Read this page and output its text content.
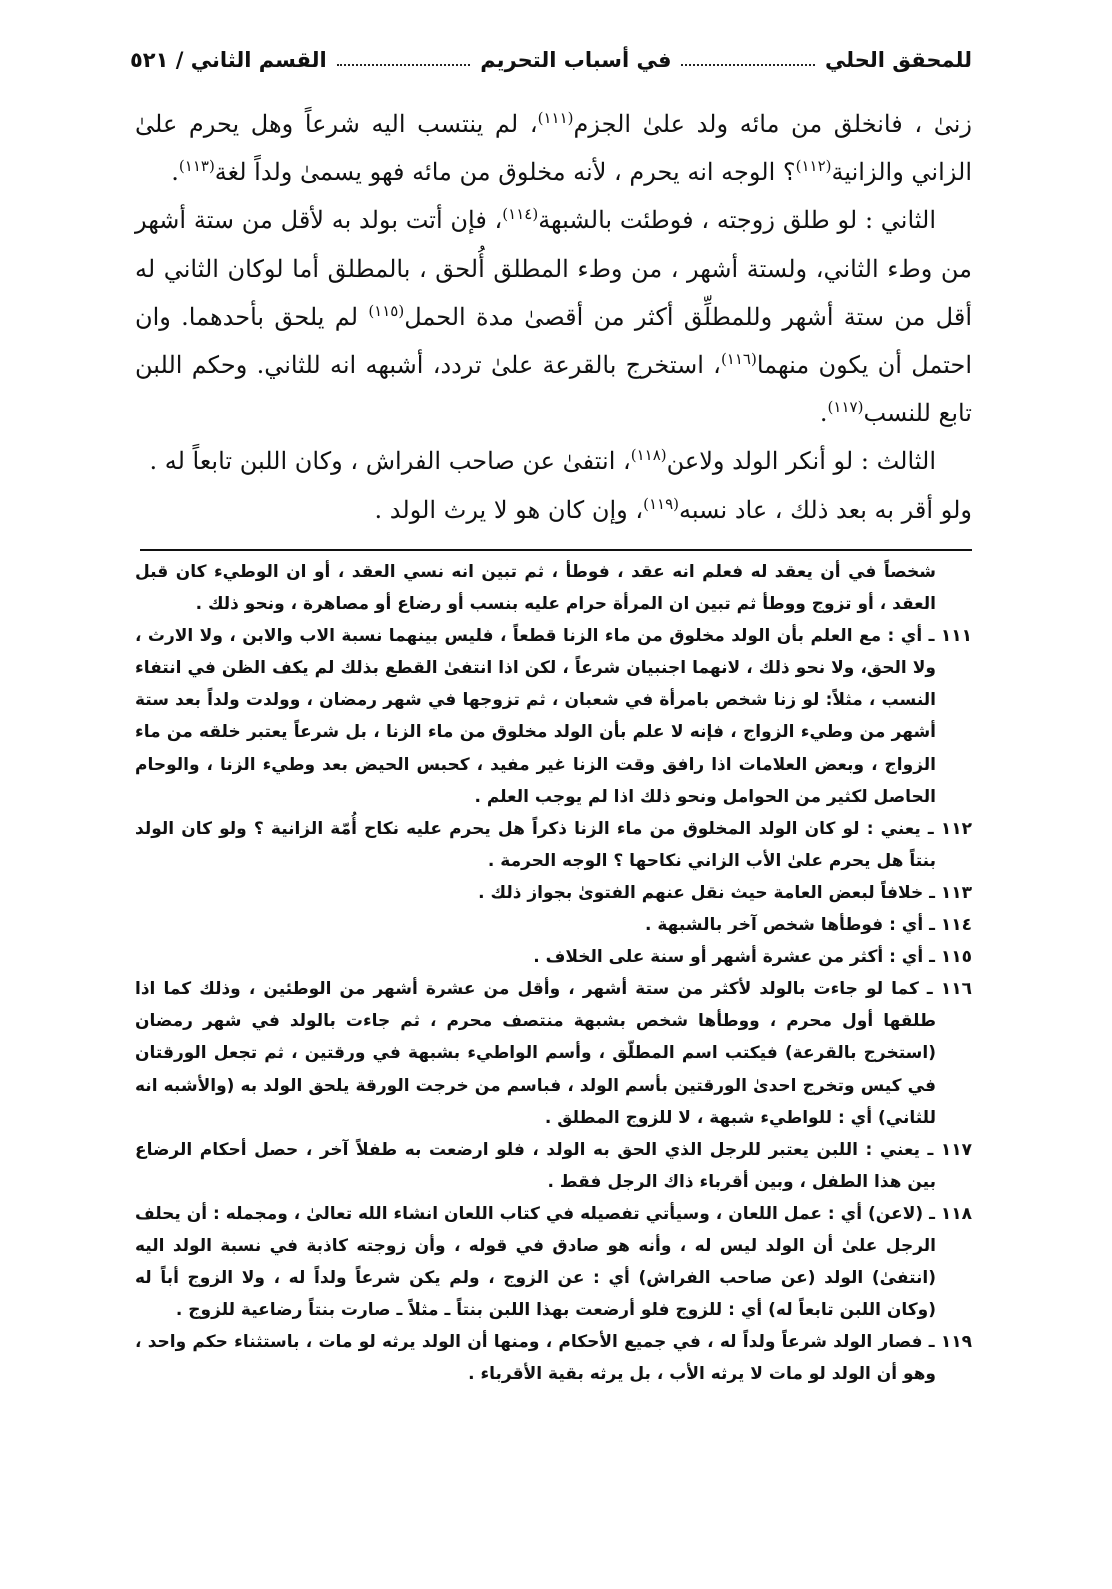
للمحقق الحلي
في أسباب التحريم
القسم الثاني / ٥٢١

زنىٰ ، فانخلق من مائه ولد علىٰ الجزم$^{(١١١)}$، لم ينتسب اليه شرعاً وهل يحرم علىٰ الزاني والزانية$^{(١١٢)}$؟ الوجه انه يحرم ، لأنه مخلوق من مائه فهو يسمىٰ ولداً لغة$^{(١١٣)}$.

الثاني : لو طلق زوجته ، فوطئت بالشبهة$^{(١١٤)}$، فإن أتت بولد به لأقل من ستة أشهر من وطء الثاني، ولستة أشهر ، من وطء المطلق أُلحق ، بالمطلق أما لوكان الثاني له أقل من ستة أشهر وللمطلِّق أكثر من أقصىٰ مدة الحمل$^{(١١٥)}$ لم يلحق بأحدهما. وان احتمل أن يكون منهما$^{(١١٦)}$، استخرج بالقرعة علىٰ تردد، أشبهه انه للثاني. وحكم اللبن تابع للنسب$^{(١١٧)}$.

الثالث : لو أنكر الولد ولاعن$^{(١١٨)}$، انتفىٰ عن صاحب الفراش ، وكان اللبن تابعاً له .

ولو أقر به بعد ذلك ، عاد نسبه$^{(١١٩)}$، وإن كان هو لا يرث الولد .

شخصاً في أن يعقد له فعلم انه عقد ، فوطأ ، ثم تبين انه نسي العقد ، أو ان الوطيء كان قبل العقد ، أو تزوج ووطأ ثم تبين ان المرأة حرام عليه بنسب أو رضاع أو مصاهرة ، ونحو ذلك .

١١١ ـ أي : مع العلم بأن الولد مخلوق من ماء الزنا قطعاً ، فليس بينهما نسبة الاب والابن ، ولا الارث ، ولا الحق، ولا نحو ذلك ، لانهما اجنبيان شرعاً ، لكن اذا انتفىٰ القطع بذلك لم يكف الظن في انتفاء النسب ، مثلاً: لو زنا شخص بامرأة في شعبان ، ثم تزوجها في شهر رمضان ، وولدت ولداً بعد ستة أشهر من وطيء الزواج ، فإنه لا علم بأن الولد مخلوق من ماء الزنا ، بل شرعاً يعتبر خلقه من ماء الزواج ، وبعض العلامات اذا رافق وقت الزنا غير مفيد ، كحبس الحيض بعد وطيء الزنا ، والوحام الحاصل لكثير من الحوامل ونحو ذلك اذا لم يوجب العلم .

١١٢ ـ يعني : لو كان الولد المخلوق من ماء الزنا ذكراً هل يحرم عليه نكاح أُمّة الزانية ؟ ولو كان الولد بنتاً هل يحرم علىٰ الأب الزاني نكاحها ؟ الوجه الحرمة .

١١٣ ـ خلافاً لبعض العامة حيث نقل عنهم الفتوىٰ بجواز ذلك .

١١٤ ـ أي : فوطأها شخص آخر بالشبهة .

١١٥ ـ أي : أكثر من عشرة أشهر أو سنة على الخلاف .

١١٦ ـ كما لو جاءت بالولد لأكثر من ستة أشهر ، وأقل من عشرة أشهر من الوطئين ، وذلك كما اذا طلقها أول محرم ، ووطأها شخص بشبهة منتصف محرم ، ثم جاءت بالولد في شهر رمضان (استخرج بالقرعة) فيكتب اسم المطلّق ، وأسم الواطيء بشبهة في ورقتين ، ثم تجعل الورقتان في كيس وتخرج احدىٰ الورقتين بأسم الولد ، فباسم من خرجت الورقة يلحق الولد به (والأشبه انه للثاني) أي : للواطيء شبهة ، لا للزوج المطلق .

١١٧ ـ يعني : اللبن يعتبر للرجل الذي الحق به الولد ، فلو ارضعت به طفلاً آخر ، حصل أحكام الرضاع بين هذا الطفل ، وبين أقرباء ذاك الرجل فقط .

١١٨ ـ (لاعن) أي : عمل اللعان ، وسيأتي تفصيله في كتاب اللعان انشاء الله تعالىٰ ، ومجمله : أن يحلف الرجل علىٰ أن الولد ليس له ، وأنه هو صادق في قوله ، وأن زوجته كاذبة في نسبة الولد اليه (انتفىٰ) الولد (عن صاحب الفراش) أي : عن الزوج ، ولم يكن شرعاً ولداً له ، ولا الزوج أباً له (وكان اللبن تابعاً له) أي : للزوج فلو أرضعت بهذا اللبن بنتاً ـ مثلاً ـ صارت بنتاً رضاعية للزوج .

١١٩ ـ فصار الولد شرعاً ولداً له ، في جميع الأحكام ، ومنها أن الولد يرثه لو مات ، باستثناء حكم واحد ، وهو أن الولد لو مات لا يرثه الأب ، بل يرثه بقية الأقرباء .
